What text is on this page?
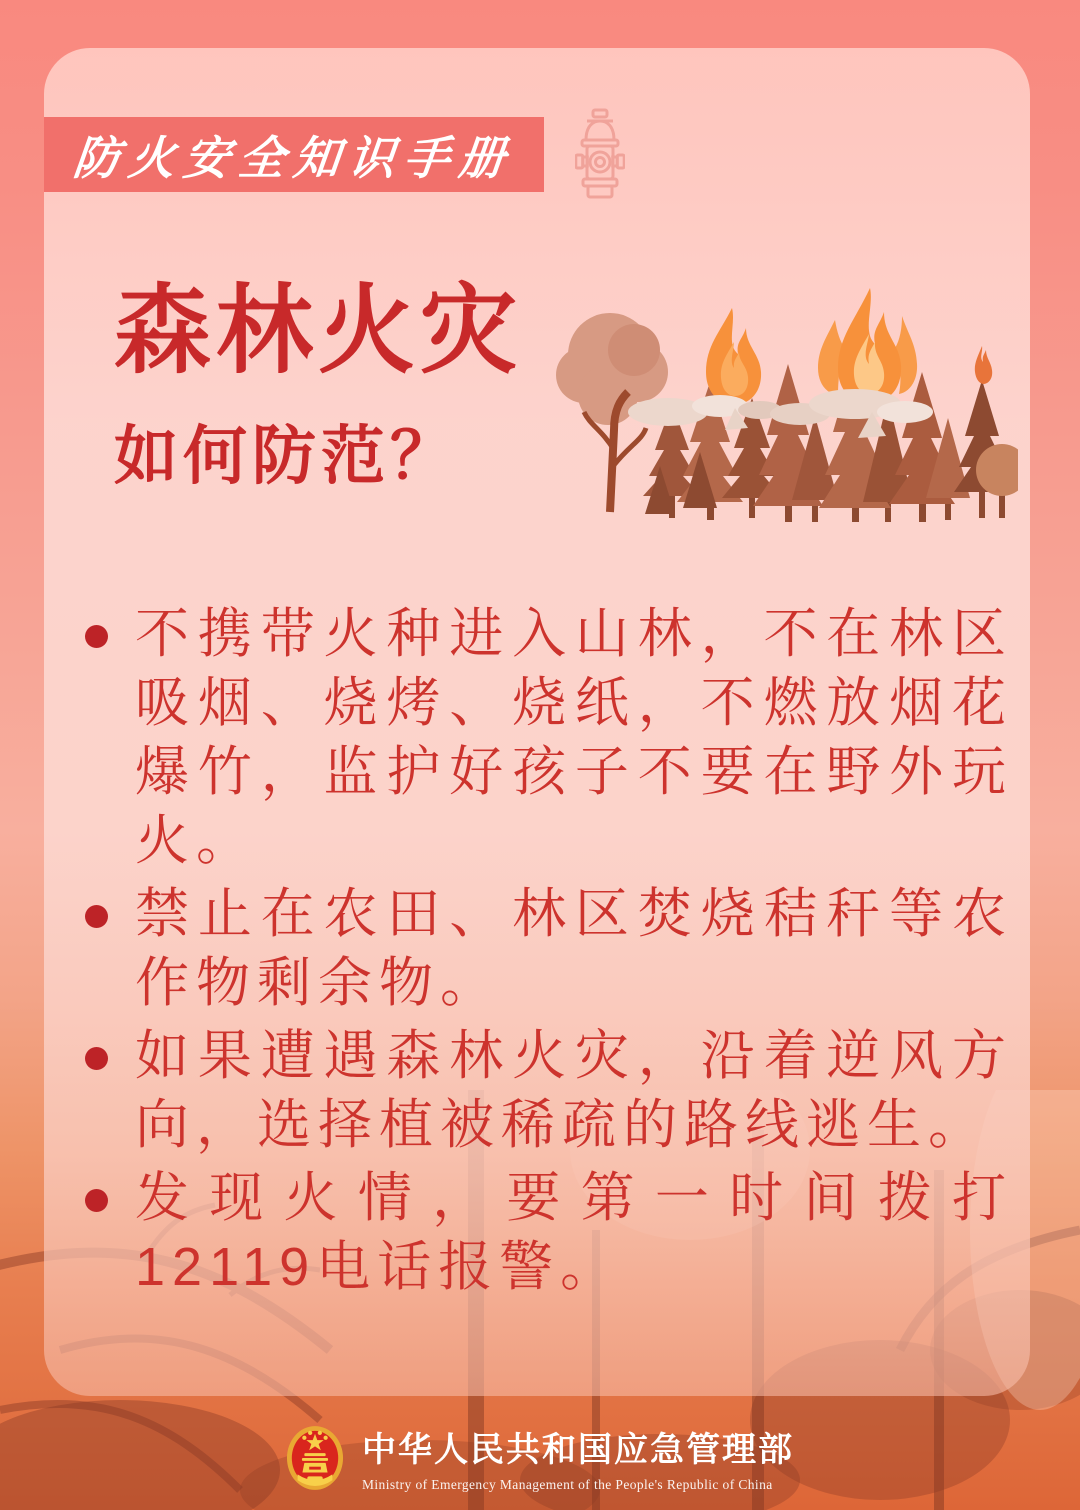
防火安全知识手册
森林火灾
如何防范？

不携带火种进入山林，不在林区吸烟、烧烤、烧纸，不燃放烟花爆竹，监护好孩子不要在野外玩火。

禁止在农田、林区焚烧秸秆等农作物剩余物。

如果遭遇森林火灾，沿着逆风方向，选择植被稀疏的路线逃生。

发现火情，要第一时间拨打12119电话报警。

中华人民共和国应急管理部
Ministry of Emergency Management of the People's Republic of China
